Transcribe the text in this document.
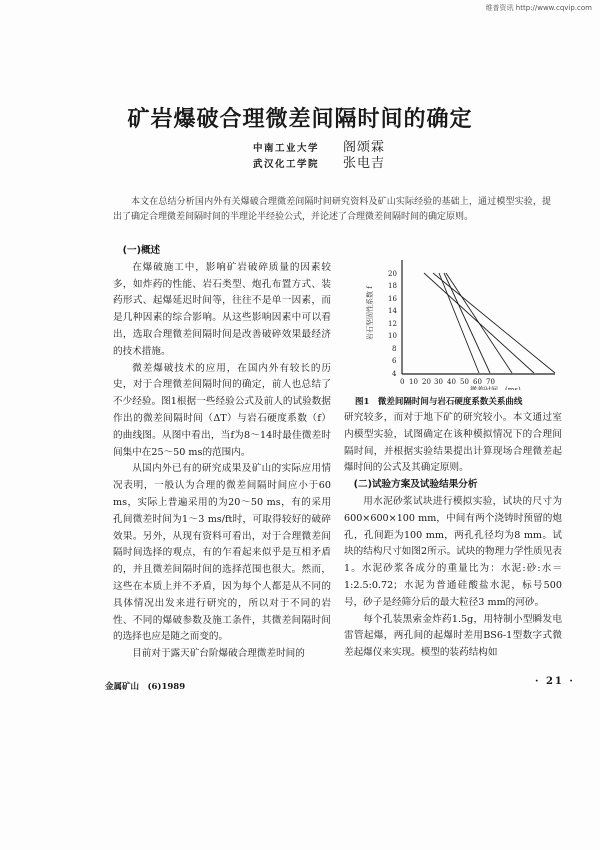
维普资讯 http://www.cqvip.com
矿岩爆破合理微差间隔时间的确定
中南工业大学	阁颂霖
武汉化工学院	张电吉
本文在总结分析国内外有关爆破合理微差间隔时间研究资料及矿山实际经验的基础上，通过模型实验，提出了确定合理微差间隔时间的半理论半经验公式，并论述了合理微差间隔时间的确定原则。
(一)概述

在爆破施工中，影响矿岩破碎质量的因素较多，如炸药的性能、岩石类型、炮孔布置方式、装药形式、起爆延迟时间等，往往不是单一因素，而是几种因素的综合影响。从这些影响因素中可以看出，选取合理微差间隔时间是改善破碎效果最经济的技术措施。

微差爆破技术的应用，在国内外有较长的历史，对于合理微差间隔时间的确定，前人也总结了不少经验。图1根据一些经验公式及前人的试验数据作出的微差间隔时间（ΔT）与岩石硬度系数（f）的曲线图。从图中看出，当f为8～14时最佳微差时间集中在25～50 ms的范围内。

从国内外已有的研究成果及矿山的实际应用情况表明，一般认为合理的微差间隔时间应小于60 ms，实际上普遍采用的为20～50 ms，有的采用孔间微差时间为1～3 ms/ft时，可取得较好的破碎效果。另外，从现有资料可看出，对于合理微差间隔时间选择的观点，有的乍看起来似乎是互相矛盾的，并且微差间隔时间的选择范围也很大。然而，这些在本质上并不矛盾，因为每个人都是从不同的具体情况出发来进行研究的，所以对于不同的岩性、不同的爆破参数及施工条件，其微差间隔时间的选择也应是随之而变的。

目前对于露天矿台阶爆破合理微差时间的

20
18
16
14
12
10
8
6
4
0 10 20 30 40 50 60 70
岩石坚固性系数 f
微差时间　(ms)
图1　微差间隔时间与岩石硬度系数关系曲线

研究较多，而对于地下矿的研究较小。本文通过室内模型实验，试图确定在该种模拟情况下的合理间隔时间，并根据实验结果提出计算现场合理微差起爆时间的公式及其确定原则。

(二)试验方案及试验结果分析

用水泥砂浆试块进行模拟实验，试块的尺寸为600×600×100 mm，中间有两个浇铸时预留的炮孔，孔间距为100 mm，两孔孔径均为8 mm。试块的结构尺寸如图2所示。试块的物理力学性质见表1。水泥砂浆各成分的重量比为：水泥:砂:水＝1:2.5:0.72；水泥为普通硅酸盐水泥，标号500号，砂子是经筛分后的最大粒径3 mm的河砂。

每个孔装黑索金炸药1.5g，用特制小型瞬发电雷管起爆，两孔间的起爆时差用BS6-1型数字式微差起爆仪来实现。模型的装药结构如

金属矿山　(6)1989	· 21 ·
